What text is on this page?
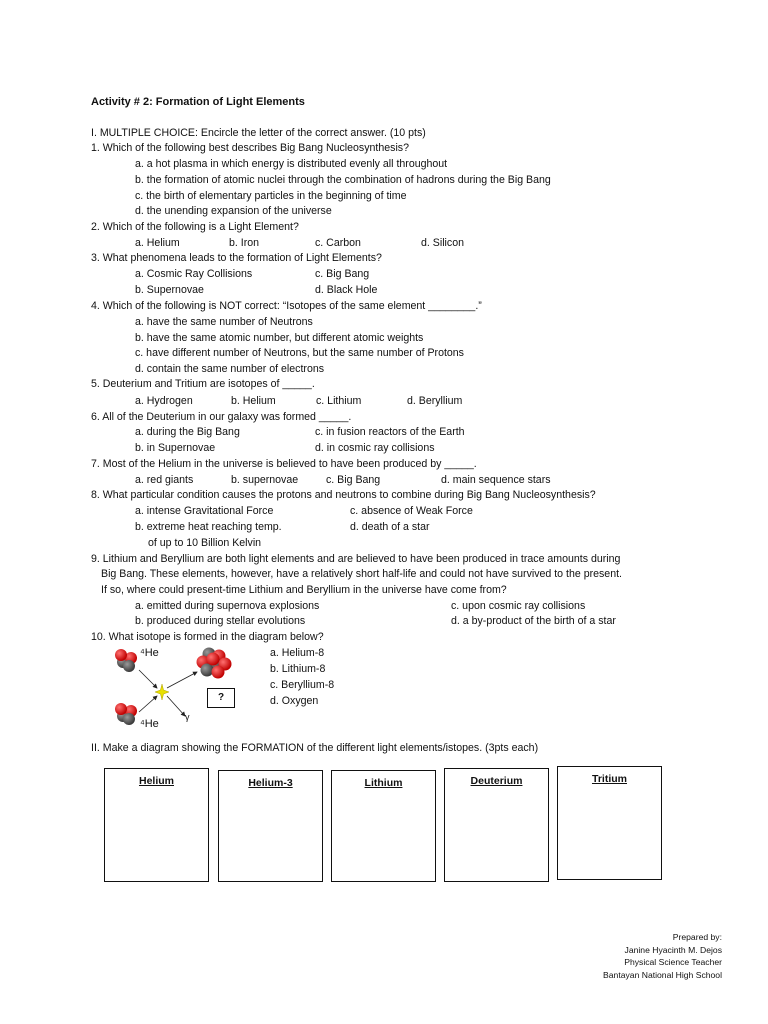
Activity # 2: Formation of Light Elements
I. MULTIPLE CHOICE: Encircle the letter of the correct answer. (10 pts)
1. Which of the following best describes Big Bang Nucleosynthesis?
a. a hot plasma in which energy is distributed evenly all throughout
b. the formation of atomic nuclei through the combination of hadrons during the Big Bang
c. the birth of elementary particles in the beginning of time
d. the unending expansion of the universe
2. Which of the following is a Light Element?
a. Helium	b. Iron	c. Carbon	d. Silicon
3. What phenomena leads to the formation of Light Elements?
a. Cosmic Ray Collisions	c. Big Bang
b. Supernovae	d. Black Hole
4. Which of the following is NOT correct: “Isotopes of the same element ________.”
a. have the same number of Neutrons
b. have the same atomic number, but different atomic weights
c. have different number of Neutrons, but the same number of Protons
d. contain the same number of electrons
5. Deuterium and Tritium are isotopes of _____.
a. Hydrogen	b. Helium	c. Lithium	d. Beryllium
6. All of the Deuterium in our galaxy was formed _____.
a. during the Big Bang	c. in fusion reactors of the Earth
b. in Supernovae	d. in cosmic ray collisions
7. Most of the Helium in the universe is believed to have been produced by _____.
a. red giants	b. supernovae	c. Big Bang	d. main sequence stars
8. What particular condition causes the protons and neutrons to combine during Big Bang Nucleosynthesis?
a. intense Gravitational Force	c. absence of Weak Force
b. extreme heat reaching temp.	d. death of a star
of up to 10 Billion Kelvin
9. Lithium and Beryllium are both light elements and are believed to have been produced in trace amounts during
Big Bang. These elements, however, have a relatively short half-life and could not have survived to the present.
If so, where could present-time Lithium and Beryllium in the universe have come from?
a. emitted during supernova explosions	c. upon cosmic ray collisions
b. produced during stellar evolutions	d. a by-product of the birth of a star
10. What isotope is formed in the diagram below?
a. Helium-8
b. Lithium-8
c. Beryllium-8
d. Oxygen
⁴He
⁴He
γ
?
II. Make a diagram showing the FORMATION of the different light elements/istopes. (3pts each)
Helium	Helium-3	Lithium	Deuterium	Tritium
Prepared by:
Janine Hyacinth M. Dejos
Physical Science Teacher
Bantayan National High School
